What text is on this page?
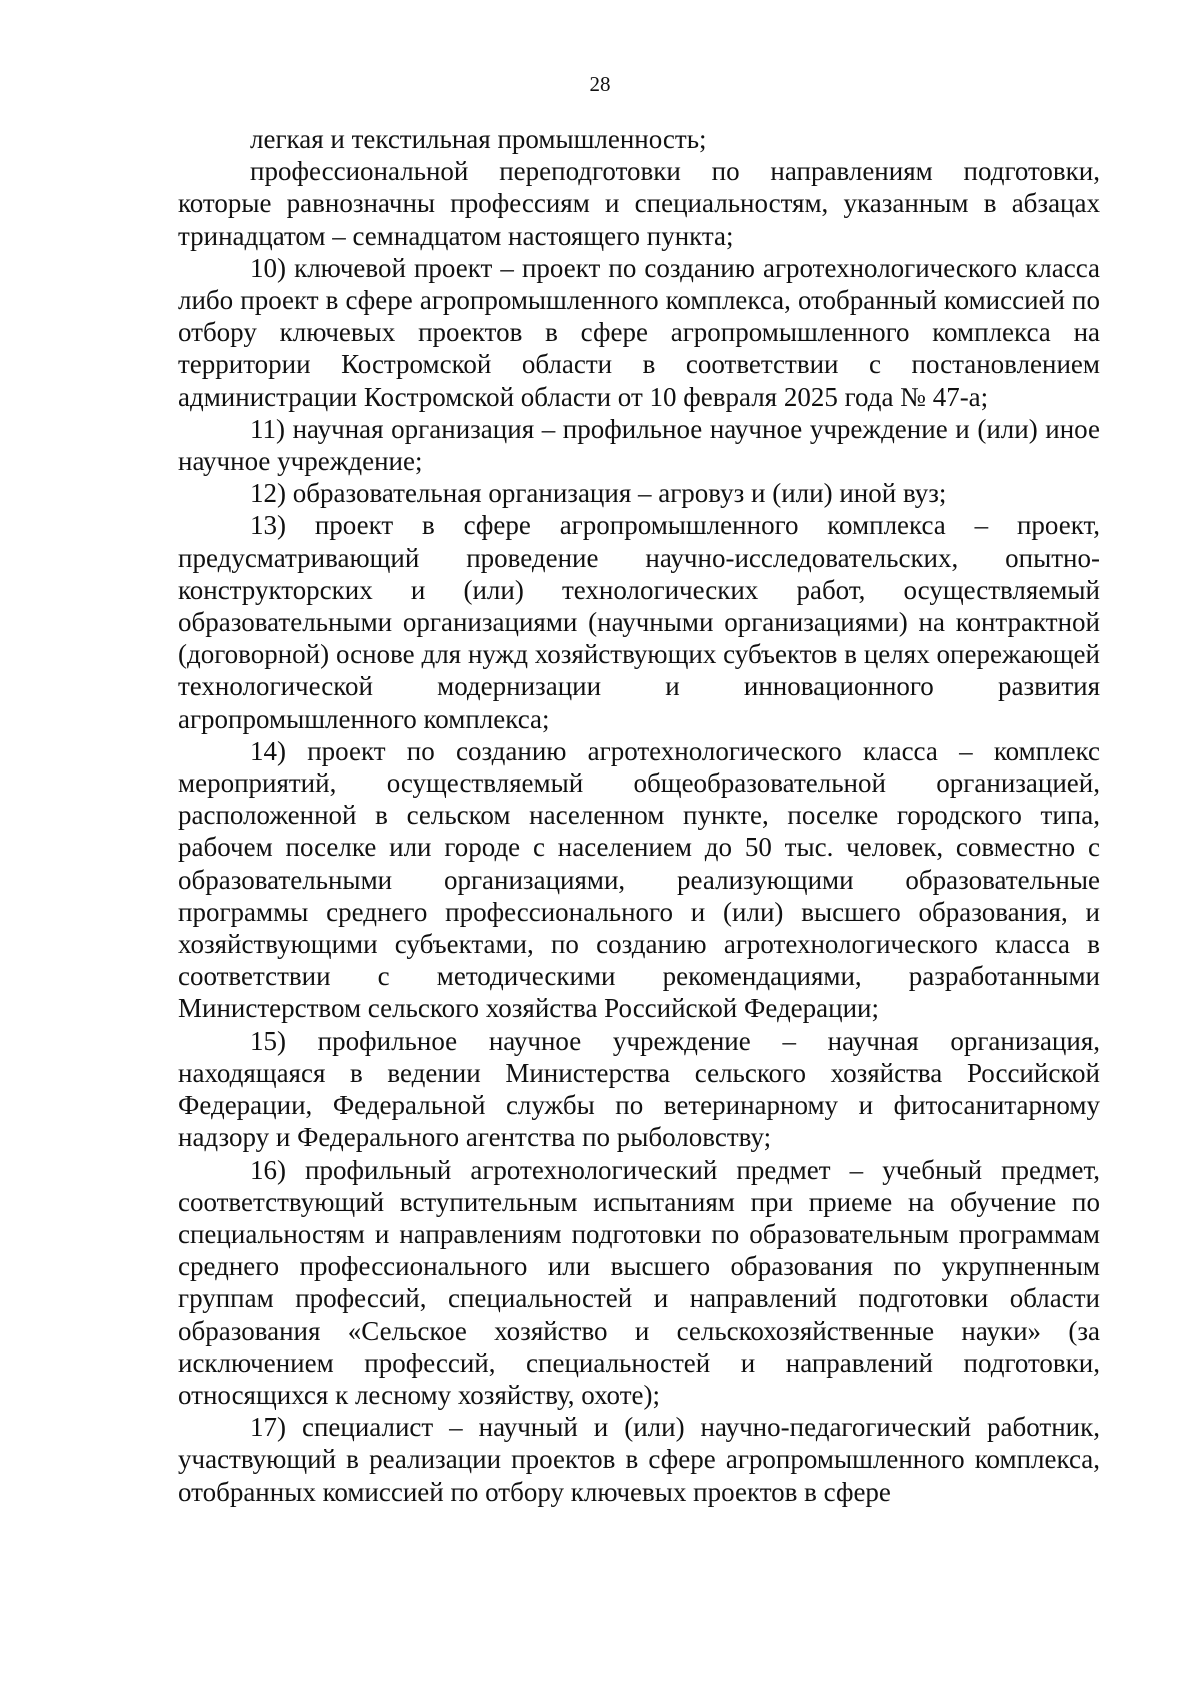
28

легкая и текстильная промышленность;

профессиональной переподготовки по направлениям подготовки, которые равнозначны профессиям и специальностям, указанным в абзацах тринадцатом – семнадцатом настоящего пункта;

10) ключевой проект – проект по созданию агротехнологического класса либо проект в сфере агропромышленного комплекса, отобранный комиссией по отбору ключевых проектов в сфере агропромышленного комплекса на территории Костромской области в соответствии с постановлением администрации Костромской области от 10 февраля 2025 года № 47-а;

11) научная организация – профильное научное учреждение и (или) иное научное учреждение;

12) образовательная организация – агровуз и (или) иной вуз;

13) проект в сфере агропромышленного комплекса – проект, предусматривающий проведение научно-исследовательских, опытно-конструкторских и (или) технологических работ, осуществляемый образовательными организациями (научными организациями) на контрактной (договорной) основе для нужд хозяйствующих субъектов в целях опережающей технологической модернизации и инновационного развития агропромышленного комплекса;

14) проект по созданию агротехнологического класса – комплекс мероприятий, осуществляемый общеобразовательной организацией, расположенной в сельском населенном пункте, поселке городского типа, рабочем поселке или городе с населением до 50 тыс. человек, совместно с образовательными организациями, реализующими образовательные программы среднего профессионального и (или) высшего образования, и хозяйствующими субъектами, по созданию агротехнологического класса в соответствии с методическими рекомендациями, разработанными Министерством сельского хозяйства Российской Федерации;

15) профильное научное учреждение – научная организация, находящаяся в ведении Министерства сельского хозяйства Российской Федерации, Федеральной службы по ветеринарному и фитосанитарному надзору и Федерального агентства по рыболовству;

16) профильный агротехнологический предмет – учебный предмет, соответствующий вступительным испытаниям при приеме на обучение по специальностям и направлениям подготовки по образовательным программам среднего профессионального или высшего образования по укрупненным группам профессий, специальностей и направлений подготовки области образования «Сельское хозяйство и сельскохозяйственные науки» (за исключением профессий, специальностей и направлений подготовки, относящихся к лесному хозяйству, охоте);

17) специалист – научный и (или) научно-педагогический работник, участвующий в реализации проектов в сфере агропромышленного комплекса, отобранных комиссией по отбору ключевых проектов в сфере
